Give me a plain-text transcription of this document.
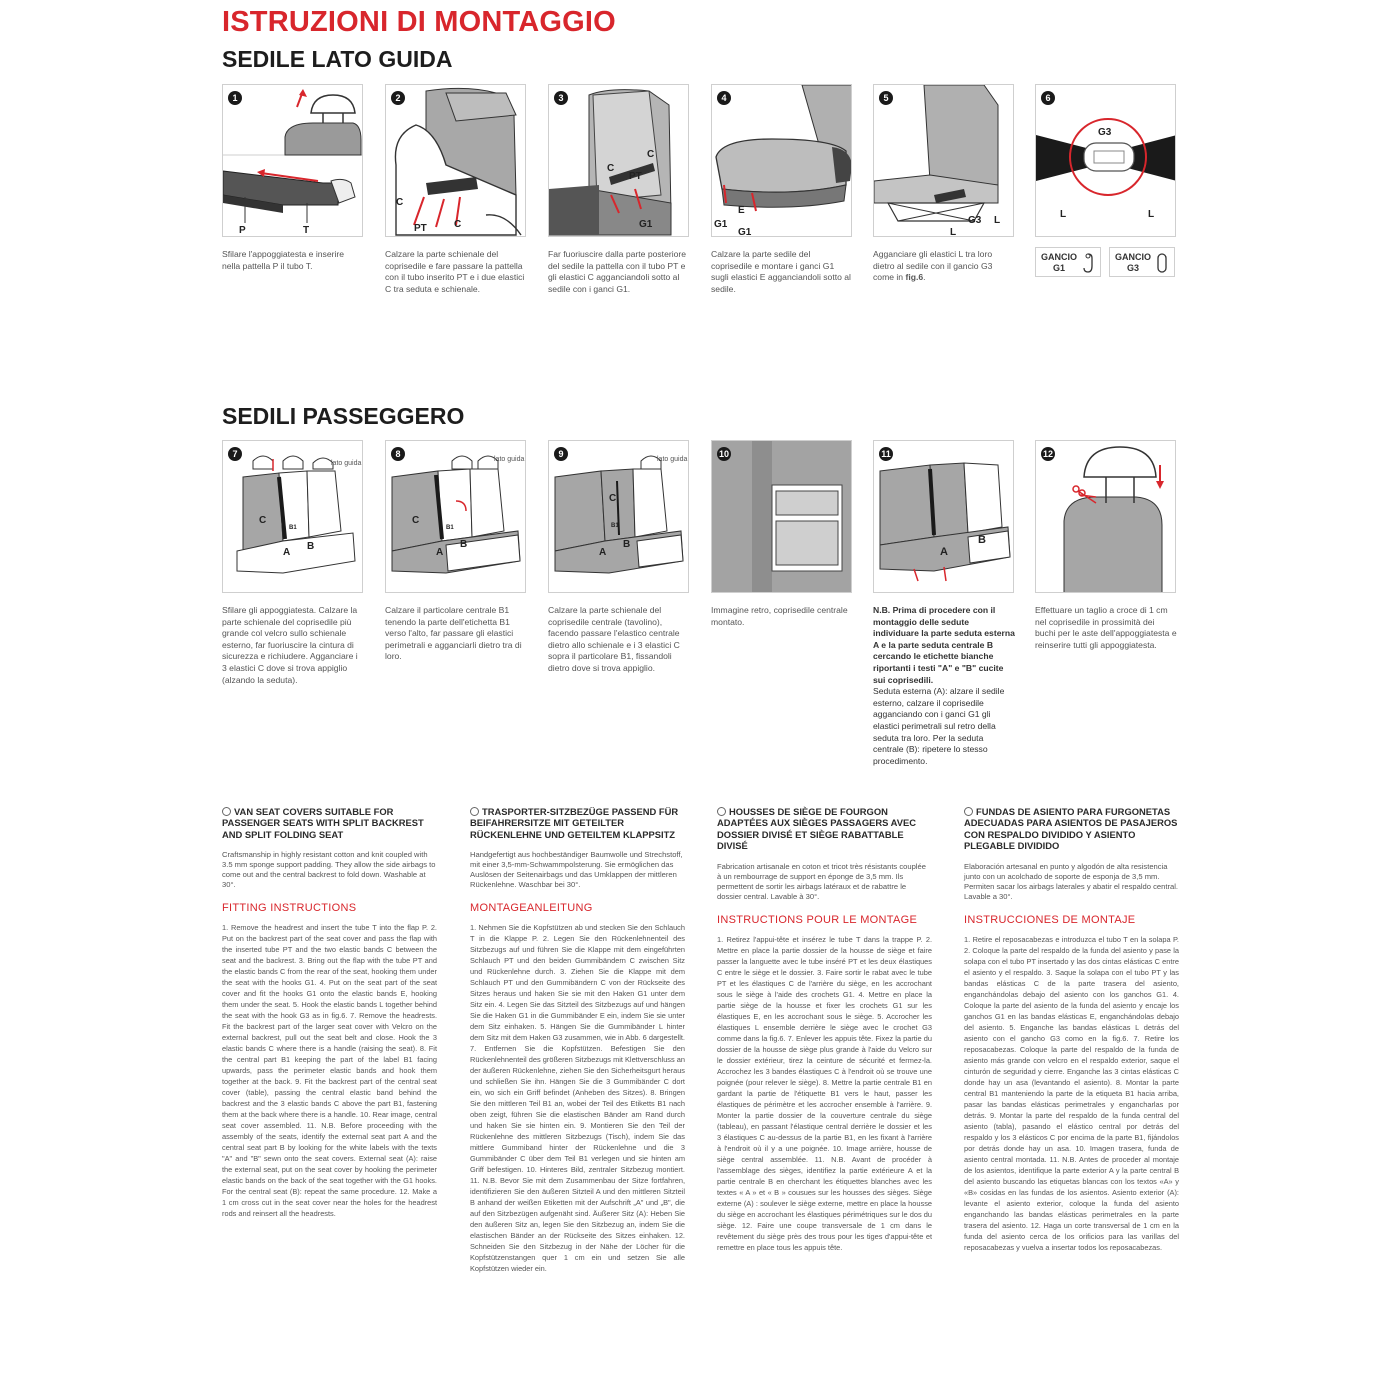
ISTRUZIONI DI MONTAGGIO
SEDILE LATO GUIDA
SEDILI PASSEGGERO
1
P	T
Sfilare l'appoggiatesta e inserire nella pattella P il tubo T.
2
C
PT	C
Calzare la parte schienale del coprisedile e fare passare la pattella con il tubo inserito PT e i due elastici C tra seduta e schienale.
3
C
C
PT
G1
Far fuoriuscire dalla parte posteriore del sedile la pattella con il tubo PT e gli elastici C agganciandoli sotto al sedile con i ganci G1.
4
G1
E
G1
Calzare la parte sedile del coprisedile e montare i ganci G1 sugli elastici E agganciandoli sotto al sedile.
5
G3 L
L
Agganciare gli elastici L tra loro dietro al sedile con il gancio G3 come in fig.6.
6
G3
L	L
GANCIO
G1
GANCIO
G3
7
lato guida
C
A
B
B1
Sfilare gli appoggiatesta. Calzare la parte schienale del coprisedile più grande col velcro sullo schienale esterno, far fuoriuscire la cintura di sicurezza e richiudere. Agganciare i 3 elastici C dove si trova appiglio (alzando la seduta).
8
lato guida
C
A
B
B1
Calzare il particolare centrale B1 tenendo la parte dell'etichetta B1 verso l'alto, far passare gli elastici perimetrali e agganciarli dietro tra di loro.
9
lato guida
C
A
B
B1
Calzare la parte schienale del coprisedile centrale (tavolino), facendo passare l'elastico centrale dietro allo schienale e i 3 elastici C sopra il particolare B1, fissandoli dietro dove si trova appiglio.
10
Immagine retro, coprisedile centrale montato.
11
A
B
N.B. Prima di procedere con il montaggio delle sedute individuare la parte seduta esterna A e la parte seduta centrale B cercando le etichette bianche riportanti i testi "A" e "B" cucite sui coprisedili.
Seduta esterna (A): alzare il sedile esterno, calzare il coprisedile agganciando con i ganci G1 gli elastici perimetrali sul retro della seduta tra loro. Per la seduta centrale (B): ripetere lo stesso procedimento.
12
Effettuare un taglio a croce di 1 cm nel coprisedile in prossimità dei buchi per le aste dell'appoggiatesta e reinserire tutti gli appoggiatesta.
VAN SEAT COVERS SUITABLE FOR PASSENGER SEATS WITH SPLIT BACKREST AND SPLIT FOLDING SEAT
Craftsmanship in highly resistant cotton and knit coupled with 3.5 mm sponge support padding. They allow the side airbags to come out and the central backrest to fold down. Washable at 30°.
FITTING INSTRUCTIONS
1. Remove the headrest and insert the tube T into the flap P. 2. Put on the backrest part of the seat cover and pass the flap with the inserted tube PT and the two elastic bands C between the seat and the backrest. 3. Bring out the flap with the tube PT and the elastic bands C from the rear of the seat, hooking them under the seat with the hooks G1. 4. Put on the seat part of the seat cover and fit the hooks G1 onto the elastic bands E, hooking them under the seat. 5. Hook the elastic bands L together behind the seat with the hook G3 as in fig.6. 7. Remove the headrests. Fit the backrest part of the larger seat cover with Velcro on the external backrest, pull out the seat belt and close. Hook the 3 elastic bands C where there is a handle (raising the seat). 8. Fit the central part B1 keeping the part of the label B1 facing upwards, pass the perimeter elastic bands and hook them together at the back. 9. Fit the backrest part of the central seat cover (table), passing the central elastic band behind the backrest and the 3 elastic bands C above the part B1, fastening them at the back where there is a handle. 10. Rear image, central seat cover assembled. 11. N.B. Before proceeding with the assembly of the seats, identify the external seat part A and the central seat part B by looking for the white labels with the texts "A" and "B" sewn onto the seat covers. External seat (A): raise the external seat, put on the seat cover by hooking the perimeter elastic bands on the back of the seat together with the G1 hooks. For the central seat (B): repeat the same procedure. 12. Make a 1 cm cross cut in the seat cover near the holes for the headrest rods and reinsert all the headrests.
TRASPORTER-SITZBEZÜGE PASSEND FÜR BEIFAHRERSITZE MIT GETEILTER RÜCKENLEHNE UND GETEILTEM KLAPPSITZ
Handgefertigt aus hochbeständiger Baumwolle und Strechstoff, mit einer 3,5-mm-Schwammpolsterung. Sie ermöglichen das Auslösen der Seitenairbags und das Umklappen der mittleren Rückenlehne. Waschbar bei 30°.
MONTAGEANLEITUNG
1. Nehmen Sie die Kopfstützen ab und stecken Sie den Schlauch T in die Klappe P. 2. Legen Sie den Rückenlehnenteil des Sitzbezugs auf und führen Sie die Klappe mit dem eingeführten Schlauch PT und den beiden Gummibändern C zwischen Sitz und Rückenlehne durch. 3. Ziehen Sie die Klappe mit dem Schlauch PT und den Gummibändern C von der Rückseite des Sitzes heraus und haken Sie sie mit den Haken G1 unter dem Sitz ein. 4. Legen Sie das Sitzteil des Sitzbezugs auf und hängen Sie die Haken G1 in die Gummibänder E ein, indem Sie sie unter dem Sitz einhaken. 5. Hängen Sie die Gummibänder L hinter dem Sitz mit dem Haken G3 zusammen, wie in Abb. 6 dargestellt. 7. Entfernen Sie die Kopfstützen. Befestigen Sie den Rückenlehnenteil des größeren Sitzbezugs mit Klettverschluss an der äußeren Rückenlehne, ziehen Sie den Sicherheitsgurt heraus und schließen Sie ihn. Hängen Sie die 3 Gummibänder C dort ein, wo sich ein Griff befindet (Anheben des Sitzes). 8. Bringen Sie den mittleren Teil B1 an, wobei der Teil des Etiketts B1 nach oben zeigt, führen Sie die elastischen Bänder am Rand durch und haken Sie sie hinten ein. 9. Montieren Sie den Teil der Rückenlehne des mittleren Sitzbezugs (Tisch), indem Sie das mittlere Gummiband hinter der Rückenlehne und die 3 Gummibänder C über dem Teil B1 verlegen und sie hinten am Griff befestigen. 10. Hinteres Bild, zentraler Sitzbezug montiert. 11. N.B. Bevor Sie mit dem Zusammenbau der Sitze fortfahren, identifizieren Sie den äußeren Sitzteil A und den mittleren Sitzteil B anhand der weißen Etiketten mit der Aufschrift „A" und „B", die auf den Sitzbezügen aufgenäht sind. Äußerer Sitz (A): Heben Sie den äußeren Sitz an, legen Sie den Sitzbezug an, indem Sie die elastischen Bänder an der Rückseite des Sitzes einhaken. 12. Schneiden Sie den Sitzbezug in der Nähe der Löcher für die Kopfstützenstangen quer 1 cm ein und setzen Sie alle Kopfstützen wieder ein.
HOUSSES DE SIÈGE DE FOURGON ADAPTÉES AUX SIÈGES PASSAGERS AVEC DOSSIER DIVISÉ ET SIÈGE RABATTABLE DIVISÉ
Fabrication artisanale en coton et tricot très résistants couplée à un rembourrage de support en éponge de 3,5 mm. Ils permettent de sortir les airbags latéraux et de rabattre le dossier central. Lavable à 30°.
INSTRUCTIONS POUR LE MONTAGE
1. Retirez l'appui-tête et insérez le tube T dans la trappe P. 2. Mettre en place la partie dossier de la housse de siège et faire passer la languette avec le tube inséré PT et les deux élastiques C entre le siège et le dossier. 3. Faire sortir le rabat avec le tube PT et les élastiques C de l'arrière du siège, en les accrochant sous le siège à l'aide des crochets G1. 4. Mettre en place la partie siège de la housse et fixer les crochets G1 sur les élastiques E, en les accrochant sous le siège. 5. Accrocher les élastiques L ensemble derrière le siège avec le crochet G3 comme dans la fig.6. 7. Enlever les appuis tête. Fixez la partie du dossier de la housse de siège plus grande à l'aide du Velcro sur le dossier extérieur, tirez la ceinture de sécurité et fermez-la. Accrochez les 3 bandes élastiques C à l'endroit où se trouve une poignée (pour relever le siège). 8. Mettre la partie centrale B1 en gardant la partie de l'étiquette B1 vers le haut, passer les élastiques de périmètre et les accrocher ensemble à l'arrière. 9. Monter la partie dossier de la couverture centrale du siège (tableau), en passant l'élastique central derrière le dossier et les 3 élastiques C au-dessus de la partie B1, en les fixant à l'arrière à l'endroit où il y a une poignée. 10. Image arrière, housse de siège central assemblée. 11. N.B. Avant de procéder à l'assemblage des sièges, identifiez la partie extérieure A et la partie centrale B en cherchant les étiquettes blanches avec les textes « A » et « B » cousues sur les housses des sièges. Siège externe (A) : soulever le siège externe, mettre en place la housse du siège en accrochant les élastiques périmétriques sur le dos du siège. 12. Faire une coupe transversale de 1 cm dans le revêtement du siège près des trous pour les tiges d'appui-tête et remettre en place tous les appuis tête.
FUNDAS DE ASIENTO PARA FURGONETAS ADECUADAS PARA ASIENTOS DE PASAJEROS CON RESPALDO DIVIDIDO Y ASIENTO PLEGABLE DIVIDIDO
Elaboración artesanal en punto y algodón de alta resistencia junto con un acolchado de soporte de esponja de 3,5 mm. Permiten sacar los airbags laterales y abatir el respaldo central. Lavable a 30°.
INSTRUCCIONES DE MONTAJE
1. Retire el reposacabezas e introduzca el tubo T en la solapa P. 2. Coloque la parte del respaldo de la funda del asiento y pase la solapa con el tubo PT insertado y las dos cintas elásticas C entre el asiento y el respaldo. 3. Saque la solapa con el tubo PT y las bandas elásticas C de la parte trasera del asiento, enganchándolas debajo del asiento con los ganchos G1. 4. Coloque la parte del asiento de la funda del asiento y encaje los ganchos G1 en las bandas elásticas E, enganchándolas debajo del asiento. 5. Enganche las bandas elásticas L detrás del asiento con el gancho G3 como en la fig.6. 7. Retire los reposacabezas. Coloque la parte del respaldo de la funda de asiento más grande con velcro en el respaldo exterior, saque el cinturón de seguridad y cierre. Enganche las 3 cintas elásticas C donde hay un asa (levantando el asiento). 8. Montar la parte central B1 manteniendo la parte de la etiqueta B1 hacia arriba, pasar las bandas elásticas perimetrales y engancharlas por detrás. 9. Montar la parte del respaldo de la funda central del asiento (tabla), pasando el elástico central por detrás del respaldo y los 3 elásticos C por encima de la parte B1, fijándolos por detrás donde hay un asa. 10. Imagen trasera, funda de asiento central montada. 11. N.B. Antes de proceder al montaje de los asientos, identifique la parte exterior A y la parte central B del asiento buscando las etiquetas blancas con los textos «A» y «B» cosidas en las fundas de los asientos. Asiento exterior (A): levante el asiento exterior, coloque la funda del asiento enganchando las bandas elásticas perimetrales en la parte trasera del asiento. 12. Haga un corte transversal de 1 cm en la funda del asiento cerca de los orificios para las varillas del reposacabezas y vuelva a insertar todos los reposacabezas.
